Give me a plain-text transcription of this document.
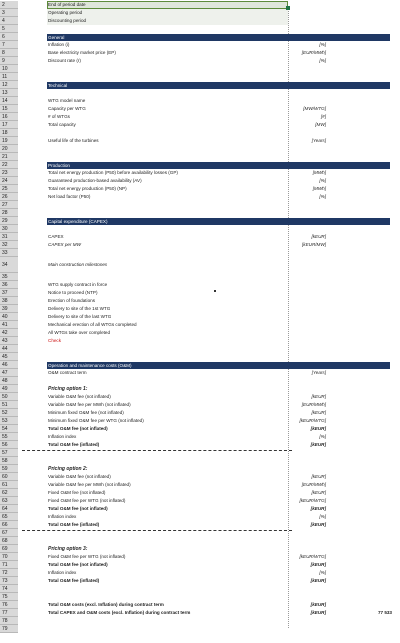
2	End of period date
3	Operating period
4	Discounting period
5
6	General
7	Inflation (i)	[%]
8	Base electricity market price (EP)	[EUR/MWh]
9	Discount rate (r)	[%]
10
11
12	Technical
13
14	WTG model name
15	Capacity per WTG	[MW/WTG]
16	# of WTGs	[#]
17	Total capacity	[MW]
18
19	Useful life of the turbines	[Years]
20
21
22	Production
23	Total net energy production (P50) before availability losses (GP)	[MWh]
24	Guaranteed production-based availability (AV)	[%]
25	Total net energy production (P50) (NP)	[MWh]
26	Net load factor (P50)	[%]
27
28
29	Capital expenditure (CAPEX)
30
31	CAPEX	[kEUR]
32	CAPEX per MW	[kEUR/MW]
33
34	Main construction milestones
35
36	WTG supply contract in force
37	Notice to proceed (NTP)
38	Erection of foundations
39	Delivery to site of the 1st WTG
40	Delivery to site of the last WTG
41	Mechanical erection of all WTGs completed
42	All WTGs take over completed
43	Check
44
45
46	Operation and maintenance costs (O&M)
47	O&M contract term	[Years]
48
49	Pricing option 1:
50	Variable O&M fee (not inflated)	[kEUR]
51	Variable O&M fee per MWh (not inflated)	[EUR/MWh]
52	Minimum fixed O&M fee (not inflated)	[kEUR]
53	Minimum fixed O&M fee per WTG (not inflated)	[kEUR/WTG]
54	Total O&M fee (not inflated)	[kEUR]
55	Inflation index	[%]
56	Total O&M fee (inflated)	[kEUR]
57
58
59	Pricing option 2:
60	Variable O&M fee (not inflated)	[kEUR]
61	Variable O&M fee per MWh (not inflated)	[EUR/MWh]
62	Fixed O&M fee (not inflated)	[kEUR]
63	Fixed O&M fee per WTG (not inflated)	[kEUR/WTG]
64	Total O&M fee (not inflated)	[kEUR]
65	Inflation index	[%]
66	Total O&M fee (inflated)	[kEUR]
67
68
69	Pricing option 3:
70	Fixed O&M fee per WTG (not inflated)	[kEUR/WTG]
71	Total O&M fee (not inflated)	[kEUR]
72	Inflation index	[%]
73	Total O&M fee (inflated)	[kEUR]
74
75
76	Total O&M costs (excl. Inflation) during contract term	[kEUR]
77	Total CAPEX and O&M costs (excl. Inflation) during contract term	[kEUR]	77 533
78
79
